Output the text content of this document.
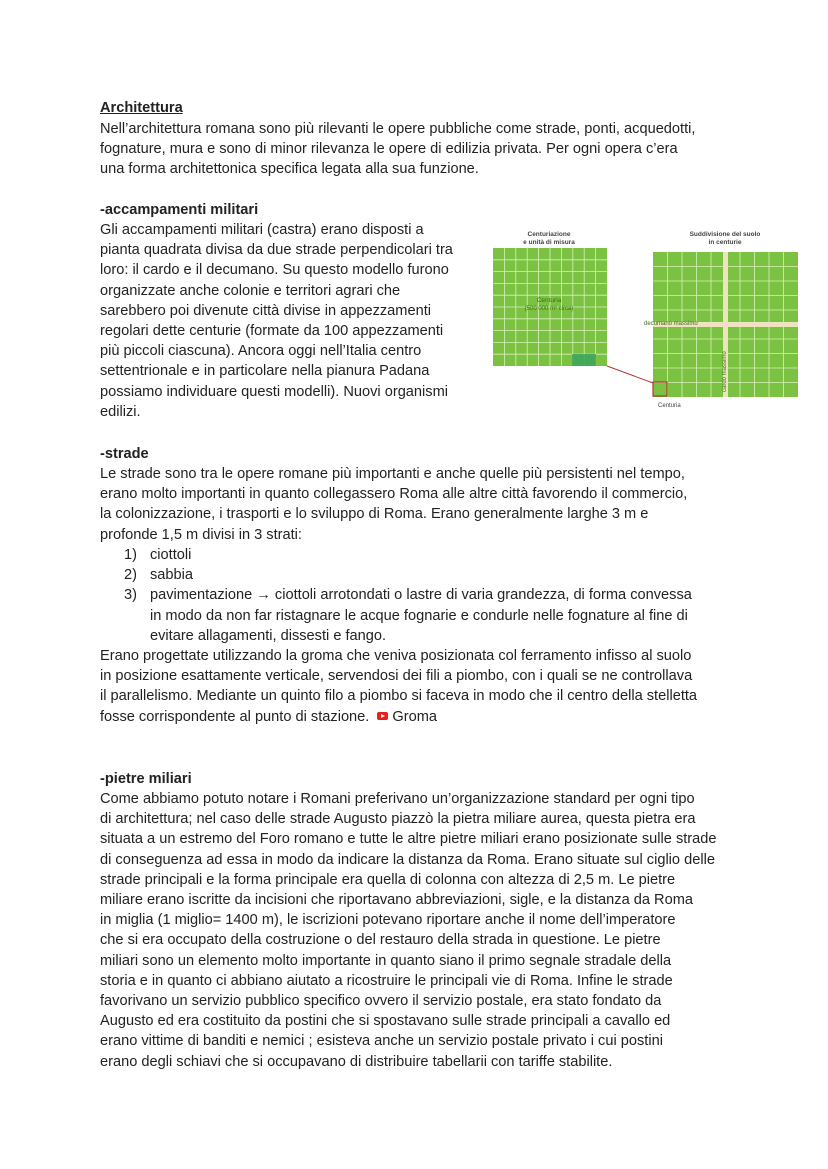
Architettura
Nell’architettura romana sono più rilevanti le opere pubbliche come strade, ponti, acquedotti,
fognature, mura e sono di minor rilevanza le opere di edilizia privata. Per ogni opera c’era
una forma architettonica specifica legata alla sua funzione.
-accampamenti militari
Gli accampamenti militari (castra) erano disposti a
pianta quadrata divisa da due strade perpendicolari tra
loro: il cardo e il decumano. Su questo modello furono
organizzate anche colonie e territori agrari che
sarebbero poi divenute città divise in appezzamenti
regolari dette centurie (formate da 100 appezzamenti
più piccoli ciascuna). Ancora oggi nell’Italia centro
settentrionale e in particolare nella pianura Padana
possiamo individuare questi modelli). Nuovi organismi
edilizi.
Centuriazione
e unità di misura
Suddivisione del suolo
in centurie
Centuria
(500 000 m² circa)
decumano massimo
cardo massimo
Centuria
-strade
Le strade sono tra le opere romane più importanti e anche quelle più persistenti nel tempo,
erano molto importanti in quanto collegassero Roma alle altre città favorendo il commercio,
la colonizzazione, i trasporti e lo sviluppo di Roma. Erano generalmente larghe 3 m e
profonde 1,5 m divisi in 3 strati:
1) ciottoli
2) sabbia
3) pavimentazione → ciottoli arrotondati o lastre di varia grandezza, di forma convessa
in modo da non far ristagnare le acque fognarie e condurle nelle fognature al fine di
evitare allagamenti, dissesti e fango.
Erano progettate utilizzando la groma che veniva posizionata col ferramento infisso al suolo
in posizione esattamente verticale, servendosi dei fili a piombo, con i quali se ne controllava
il parallelismo. Mediante un quinto filo a piombo si faceva in modo che il centro della stelletta
fosse corrispondente al punto di stazione. Groma
-pietre miliari
Come abbiamo potuto notare i Romani preferivano un’organizzazione standard per ogni tipo
di architettura; nel caso delle strade Augusto piazzò la pietra miliare aurea, questa pietra era
situata a un estremo del Foro romano e tutte le altre pietre miliari erano posizionate sulle strade
di conseguenza ad essa in modo da indicare la distanza da Roma. Erano situate sul ciglio delle
strade principali e la forma principale era quella di colonna con altezza di 2,5 m. Le pietre
miliare erano iscritte da incisioni che riportavano abbreviazioni, sigle, e la distanza da Roma
in miglia (1 miglio= 1400 m), le iscrizioni potevano riportare anche il nome dell’imperatore
che si era occupato della costruzione o del restauro della strada in questione. Le pietre
miliari sono un elemento molto importante in quanto siano il primo segnale stradale della
storia e in quanto ci abbiano aiutato a ricostruire le principali vie di Roma. Infine le strade
favorivano un servizio pubblico specifico ovvero il servizio postale, era stato fondato da
Augusto ed era costituito da postini che si spostavano sulle strade principali a cavallo ed
erano vittime di banditi e nemici ; esisteva anche un servizio postale privato i cui postini
erano degli schiavi che si occupavano di distribuire tabellarii con tariffe stabilite.
